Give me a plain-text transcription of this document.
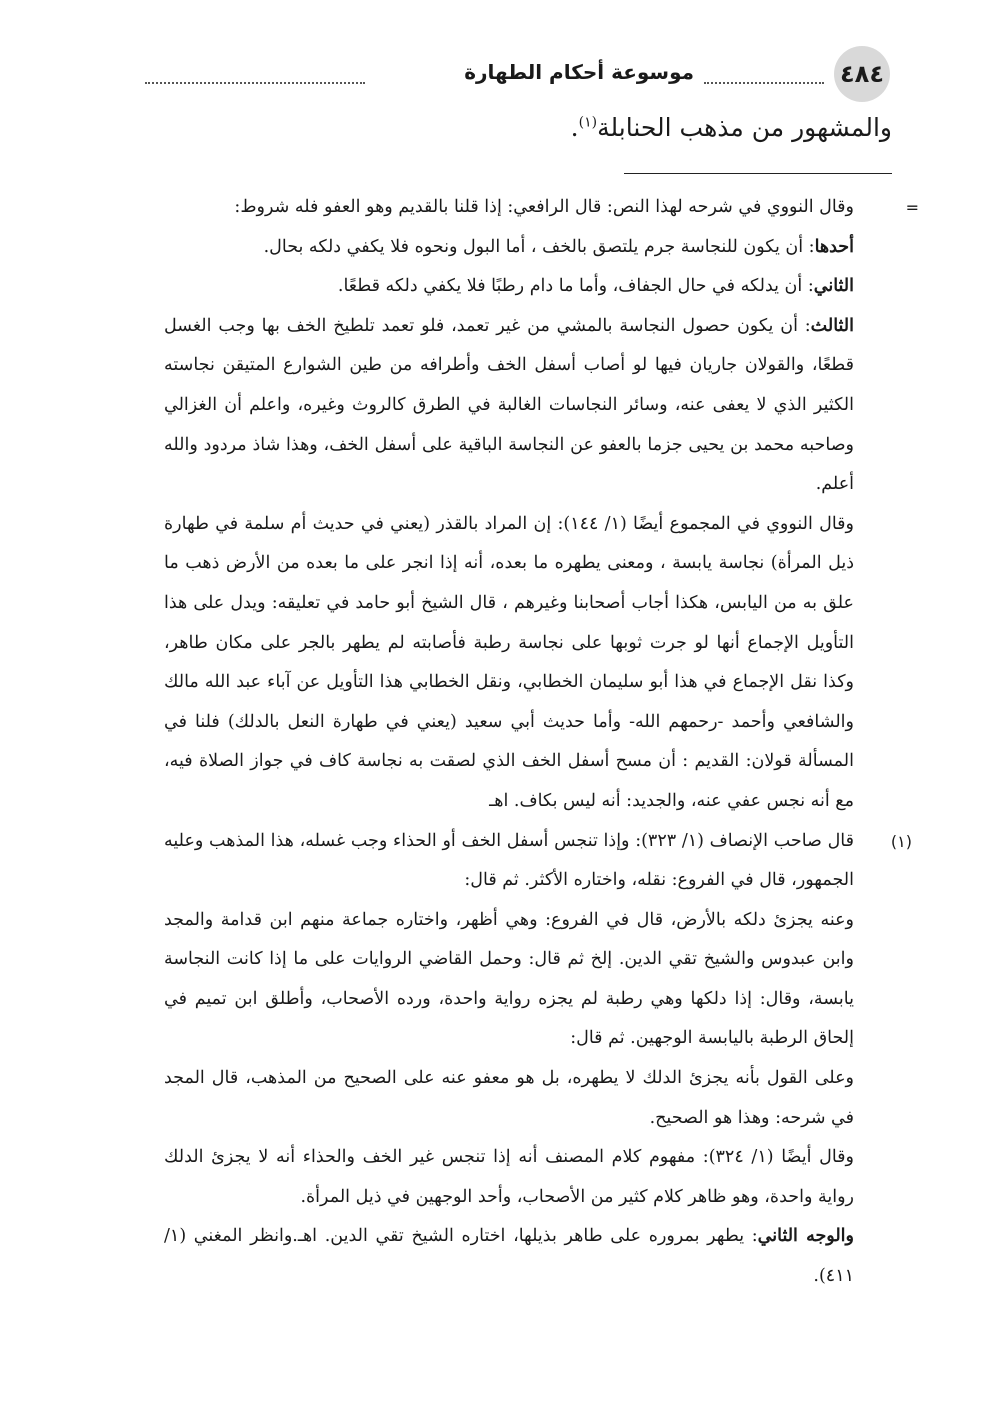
٤٨٤
موسوعة أحكام الطهارة
والمشهور من مذهب الحنابلة$^{(١)}$.
=

وقال النووي في شرحه لهذا النص: قال الرافعي: إذا قلنا بالقديم وهو العفو فله شروط:

أحدها: أن يكون للنجاسة جرم يلتصق بالخف ، أما البول ونحوه فلا يكفي دلكه بحال.

الثاني: أن يدلكه في حال الجفاف، وأما ما دام رطبًا فلا يكفي دلكه قطعًا.

الثالث: أن يكون حصول النجاسة بالمشي من غير تعمد، فلو تعمد تلطيخ الخف بها وجب الغسل قطعًا، والقولان جاريان فيها لو أصاب أسفل الخف وأطرافه من طين الشوارع المتيقن نجاسته الكثير الذي لا يعفى عنه، وسائر النجاسات الغالبة في الطرق كالروث وغيره، واعلم أن الغزالي وصاحبه محمد بن يحيى جزما بالعفو عن النجاسة الباقية على أسفل الخف، وهذا شاذ مردود والله أعلم.

وقال النووي في المجموع أيضًا (١/ ١٤٤): إن المراد بالقذر (يعني في حديث أم سلمة في طهارة ذيل المرأة) نجاسة يابسة ، ومعنى يطهره ما بعده، أنه إذا انجر على ما بعده من الأرض ذهب ما علق به من اليابس، هكذا أجاب أصحابنا وغيرهم ، قال الشيخ أبو حامد في تعليقه: ويدل على هذا التأويل الإجماع أنها لو جرت ثوبها على نجاسة رطبة فأصابته لم يطهر بالجر على مكان طاهر، وكذا نقل الإجماع في هذا أبو سليمان الخطابي، ونقل الخطابي هذا التأويل عن آباء عبد الله مالك والشافعي وأحمد -رحمهم الله- وأما حديث أبي سعيد (يعني في طهارة النعل بالدلك) فلنا في المسألة قولان: القديم : أن مسح أسفل الخف الذي لصقت به نجاسة كاف في جواز الصلاة فيه، مع أنه نجس عفي عنه، والجديد: أنه ليس بكاف. اهـ

(١)

قال صاحب الإنصاف (١/ ٣٢٣): وإذا تنجس أسفل الخف أو الحذاء وجب غسله، هذا المذهب وعليه الجمهور، قال في الفروع: نقله، واختاره الأكثر. ثم قال:

وعنه يجزئ دلكه بالأرض، قال في الفروع: وهي أظهر، واختاره جماعة منهم ابن قدامة والمجد وابن عبدوس والشيخ تقي الدين. إلخ ثم قال: وحمل القاضي الروايات على ما إذا كانت النجاسة يابسة، وقال: إذا دلكها وهي رطبة لم يجزه رواية واحدة، ورده الأصحاب، وأطلق ابن تميم في إلحاق الرطبة باليابسة الوجهين. ثم قال:

وعلى القول بأنه يجزئ الدلك لا يطهره، بل هو معفو عنه على الصحيح من المذهب، قال المجد في شرحه: وهذا هو الصحيح.

وقال أيضًا (١/ ٣٢٤): مفهوم كلام المصنف أنه إذا تنجس غير الخف والحذاء أنه لا يجزئ الدلك رواية واحدة، وهو ظاهر كلام كثير من الأصحاب، وأحد الوجهين في ذيل المرأة.

والوجه الثاني: يطهر بمروره على طاهر بذيلها، اختاره الشيخ تقي الدين. اهـ.وانظر المغني (١/ ٤١١).
